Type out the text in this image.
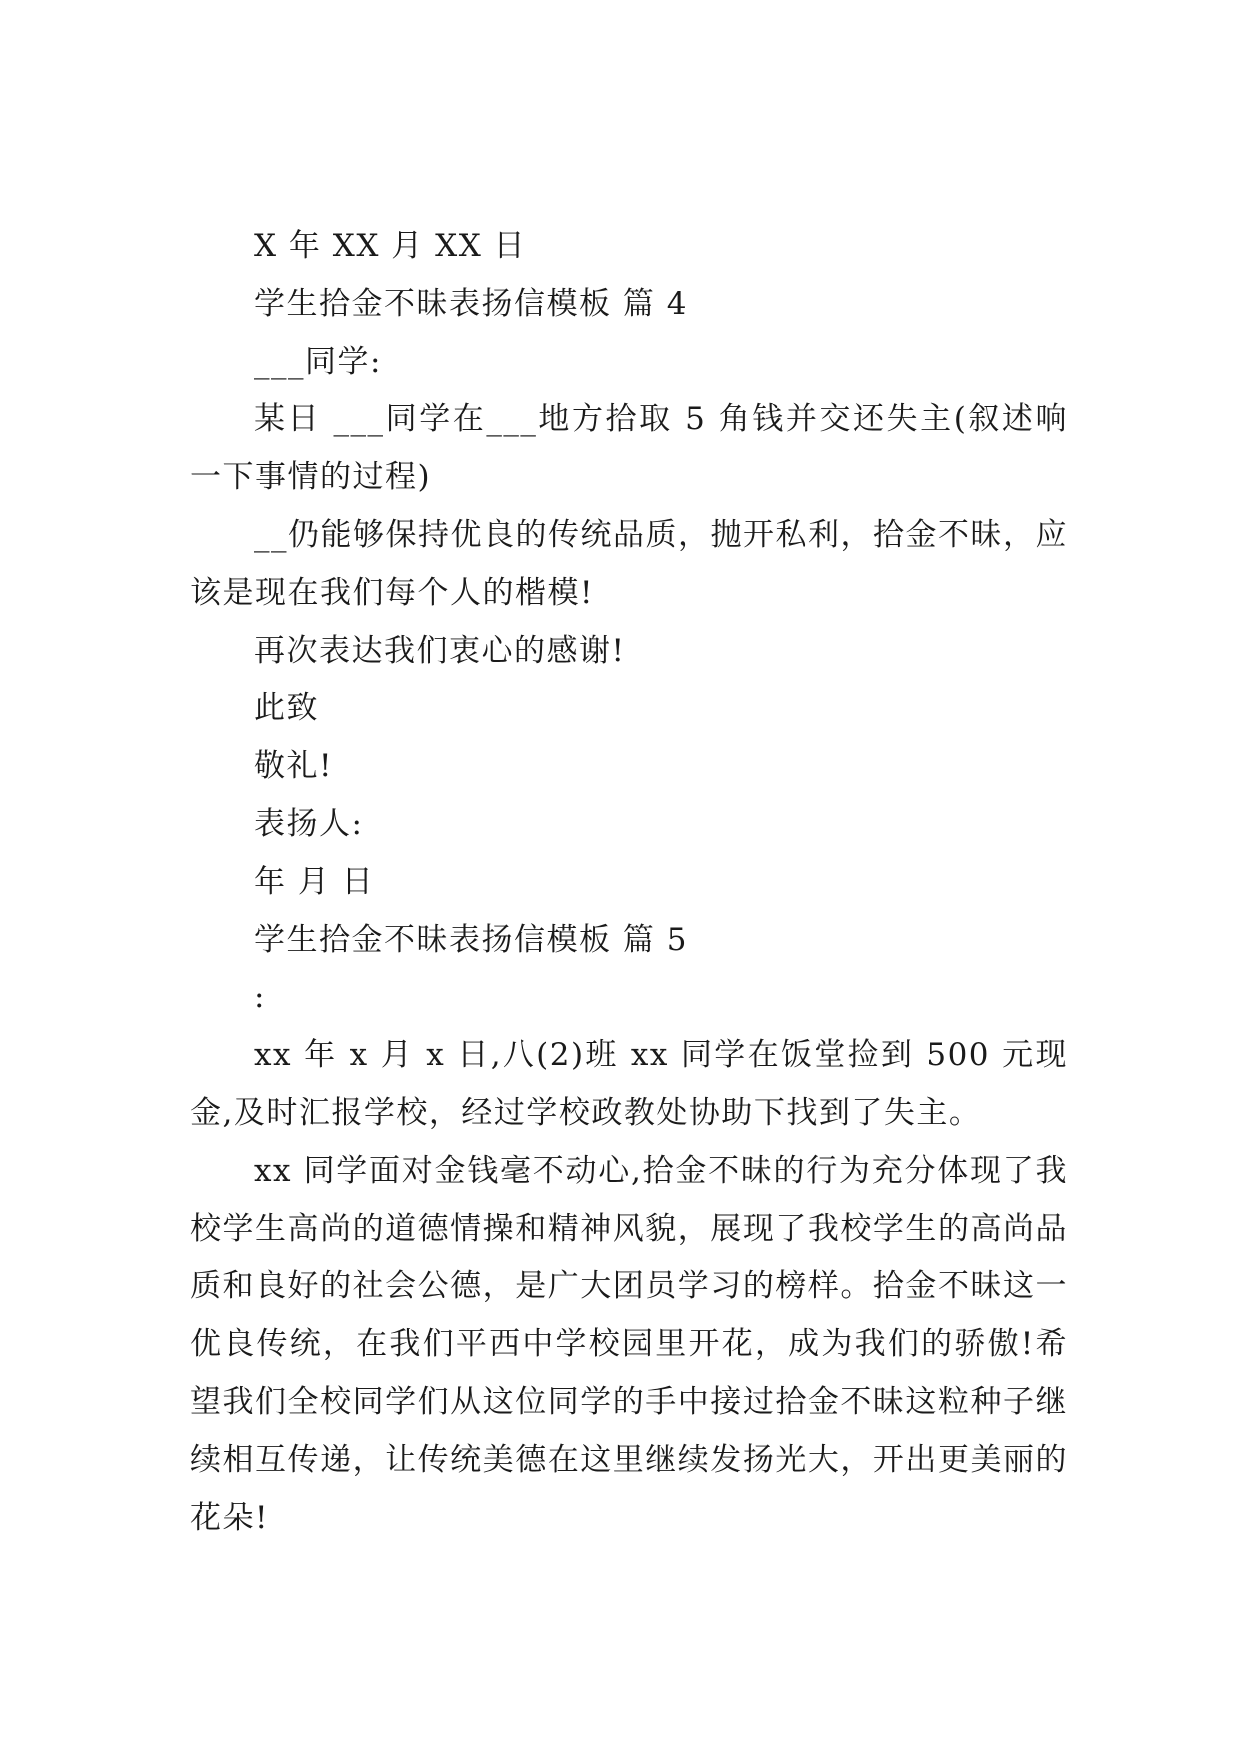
X 年 XX 月 XX 日

学生拾金不昧表扬信模板 篇 4

___同学:

某日 ___同学在___地方拾取 5 角钱并交还失主(叙述响一下事情的过程)

__仍能够保持优良的传统品质，抛开私利，拾金不昧，应该是现在我们每个人的楷模!

再次表达我们衷心的感谢!

此致

敬礼!

表扬人:

年 月 日

学生拾金不昧表扬信模板 篇 5

:

xx 年 x 月 x 日,八(2)班 xx 同学在饭堂捡到 500 元现金,及时汇报学校，经过学校政教处协助下找到了失主。

xx 同学面对金钱毫不动心,拾金不昧的行为充分体现了我校学生高尚的道德情操和精神风貌，展现了我校学生的高尚品质和良好的社会公德，是广大团员学习的榜样。拾金不昧这一优良传统，在我们平西中学校园里开花，成为我们的骄傲!希望我们全校同学们从这位同学的手中接过拾金不昧这粒种子继续相互传递，让传统美德在这里继续发扬光大，开出更美丽的花朵!
